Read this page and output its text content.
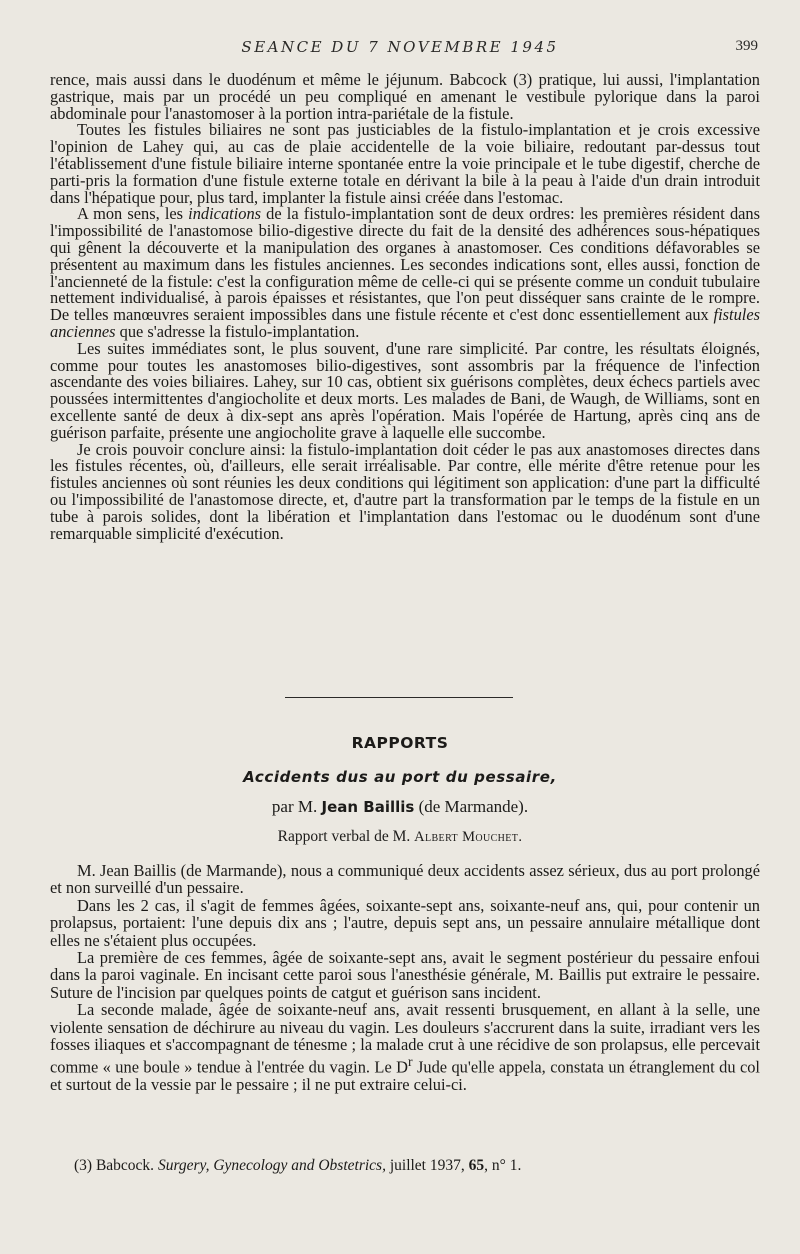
SEANCE DU 7 NOVEMBRE 1945	399

rence, mais aussi dans le duodénum et même le jéjunum. Babcock (3) pratique, lui aussi, l'implantation gastrique, mais par un procédé un peu compliqué en amenant le vestibule pylorique dans la paroi abdominale pour l'anastomoser à la portion intra-pariétale de la fistule.

Toutes les fistules biliaires ne sont pas justiciables de la fistulo-implantation et je crois excessive l'opinion de Lahey qui, au cas de plaie accidentelle de la voie biliaire, redoutant par-dessus tout l'établissement d'une fistule biliaire interne spontanée entre la voie principale et le tube digestif, cherche de parti-pris la formation d'une fistule externe totale en dérivant la bile à la peau à l'aide d'un drain introduit dans l'hépatique pour, plus tard, implanter la fistule ainsi créée dans l'estomac.

A mon sens, les indications de la fistulo-implantation sont de deux ordres: les premières résident dans l'impossibilité de l'anastomose bilio-digestive directe du fait de la densité des adhérences sous-hépatiques qui gênent la découverte et la manipulation des organes à anastomoser. Ces conditions défavorables se présentent au maximum dans les fistules anciennes. Les secondes indications sont, elles aussi, fonction de l'ancienneté de la fistule: c'est la configuration même de celle-ci qui se présente comme un conduit tubulaire nettement individualisé, à parois épaisses et résistantes, que l'on peut disséquer sans crainte de le rompre. De telles manœuvres seraient impossibles dans une fistule récente et c'est donc essentiellement aux fistules anciennes que s'adresse la fistulo-implantation.

Les suites immédiates sont, le plus souvent, d'une rare simplicité. Par contre, les résultats éloignés, comme pour toutes les anastomoses bilio-digestives, sont assombris par la fréquence de l'infection ascendante des voies biliaires. Lahey, sur 10 cas, obtient six guérisons complètes, deux échecs partiels avec poussées intermittentes d'angiocholite et deux morts. Les malades de Bani, de Waugh, de Williams, sont en excellente santé de deux à dix-sept ans après l'opération. Mais l'opérée de Hartung, après cinq ans de guérison parfaite, présente une angiocholite grave à laquelle elle succombe.

Je crois pouvoir conclure ainsi: la fistulo-implantation doit céder le pas aux anastomoses directes dans les fistules récentes, où, d'ailleurs, elle serait irréalisable. Par contre, elle mérite d'être retenue pour les fistules anciennes où sont réunies les deux conditions qui légitiment son application: d'une part la difficulté ou l'impossibilité de l'anastomose directe, et, d'autre part la transformation par le temps de la fistule en un tube à parois solides, dont la libération et l'implantation dans l'estomac ou le duodénum sont d'une remarquable simplicité d'exécution.

RAPPORTS
Accidents dus au port du pessaire,
par M. Jean Baillis (de Marmande).
Rapport verbal de M. Albert Mouchet.

M. Jean Baillis (de Marmande), nous a communiqué deux accidents assez sérieux, dus au port prolongé et non surveillé d'un pessaire.

Dans les 2 cas, il s'agit de femmes âgées, soixante-sept ans, soixante-neuf ans, qui, pour contenir un prolapsus, portaient: l'une depuis dix ans ; l'autre, depuis sept ans, un pessaire annulaire métallique dont elles ne s'étaient plus occupées.

La première de ces femmes, âgée de soixante-sept ans, avait le segment postérieur du pessaire enfoui dans la paroi vaginale. En incisant cette paroi sous l'anesthésie générale, M. Baillis put extraire le pessaire. Suture de l'incision par quelques points de catgut et guérison sans incident.

La seconde malade, âgée de soixante-neuf ans, avait ressenti brusquement, en allant à la selle, une violente sensation de déchirure au niveau du vagin. Les douleurs s'accrurent dans la suite, irradiant vers les fosses iliaques et s'accompagnant de ténesme ; la malade crut à une récidive de son prolapsus, elle percevait comme « une boule » tendue à l'entrée du vagin. Le $D^r$ Jude qu'elle appela, constata un étranglement du col et surtout de la vessie par le pessaire ; il ne put extraire celui-ci.

(3) Babcock. Surgery, Gynecology and Obstetrics, juillet 1937, 65, n° 1.
